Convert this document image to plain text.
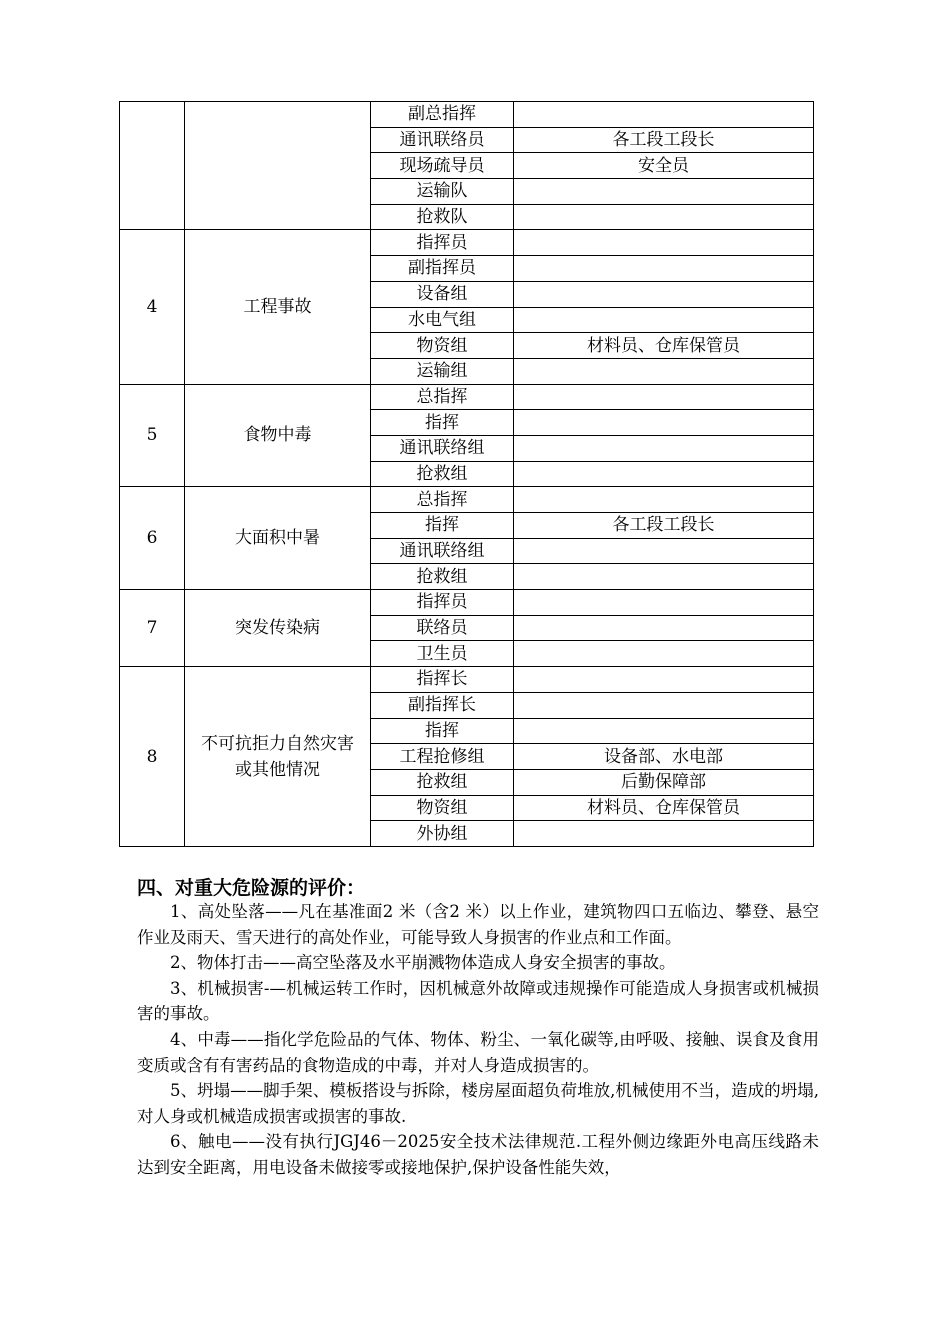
		副总指挥	
		通讯联络员	各工段工段长
		现场疏导员	安全员
		运输队	
		抢救队	
4	工程事故	指挥员	
		副指挥员	
		设备组	
		水电气组	
		物资组	材料员、仓库保管员
		运输组	
5	食物中毒	总指挥	
		指挥	
		通讯联络组	
		抢救组	
6	大面积中暑	总指挥	
		指挥	各工段工段长
		通讯联络组	
		抢救组	
7	突发传染病	指挥员	
		联络员	
		卫生员	
8	不可抗拒力自然灾害或其他情况	指挥长	
		副指挥长	
		指挥	
		工程抢修组	设备部、水电部
		抢救组	后勤保障部
		物资组	材料员、仓库保管员
		外协组	
四、对重大危险源的评价：

1、高处坠落——凡在基准面2 米（含2 米）以上作业，建筑物四口五临边、攀登、悬空作业及雨天、雪天进行的高处作业，可能导致人身损害的作业点和工作面。

2、物体打击——高空坠落及水平崩溅物体造成人身安全损害的事故。

3、机械损害-—机械运转工作时，因机械意外故障或违规操作可能造成人身损害或机械损害的事故。

4、中毒——指化学危险品的气体、物体、粉尘、一氧化碳等,由呼吸、接触、误食及食用变质或含有有害药品的食物造成的中毒，并对人身造成损害的。

5、坍塌——脚手架、模板搭设与拆除，楼房屋面超负荷堆放,机械使用不当，造成的坍塌,对人身或机械造成损害或损害的事故.

6、触电——没有执行JGJ46－2025安全技术法律规范.工程外侧边缘距外电高压线路未达到安全距离，用电设备未做接零或接地保护,保护设备性能失效，
